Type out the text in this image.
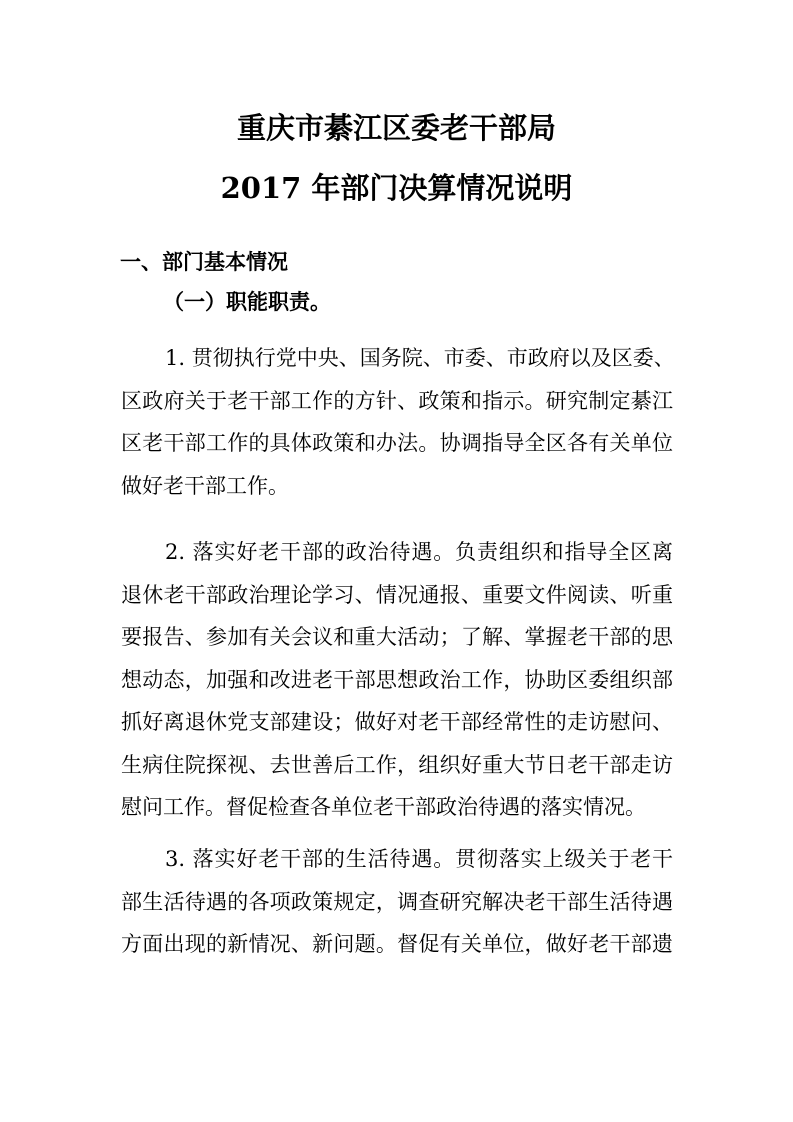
重庆市綦江区委老干部局
2017 年部门决算情况说明
一、部门基本情况
（一）职能职责。
1. 贯彻执行党中央、国务院、市委、市政府以及区委、
区政府关于老干部工作的方针、政策和指示。研究制定綦江
区老干部工作的具体政策和办法。协调指导全区各有关单位
做好老干部工作。
2. 落实好老干部的政治待遇。负责组织和指导全区离
退休老干部政治理论学习、情况通报、重要文件阅读、听重
要报告、参加有关会议和重大活动；了解、掌握老干部的思
想动态，加强和改进老干部思想政治工作，协助区委组织部
抓好离退休党支部建设；做好对老干部经常性的走访慰问、
生病住院探视、去世善后工作，组织好重大节日老干部走访
慰问工作。督促检查各单位老干部政治待遇的落实情况。
3. 落实好老干部的生活待遇。贯彻落实上级关于老干
部生活待遇的各项政策规定，调查研究解决老干部生活待遇
方面出现的新情况、新问题。督促有关单位，做好老干部遗
